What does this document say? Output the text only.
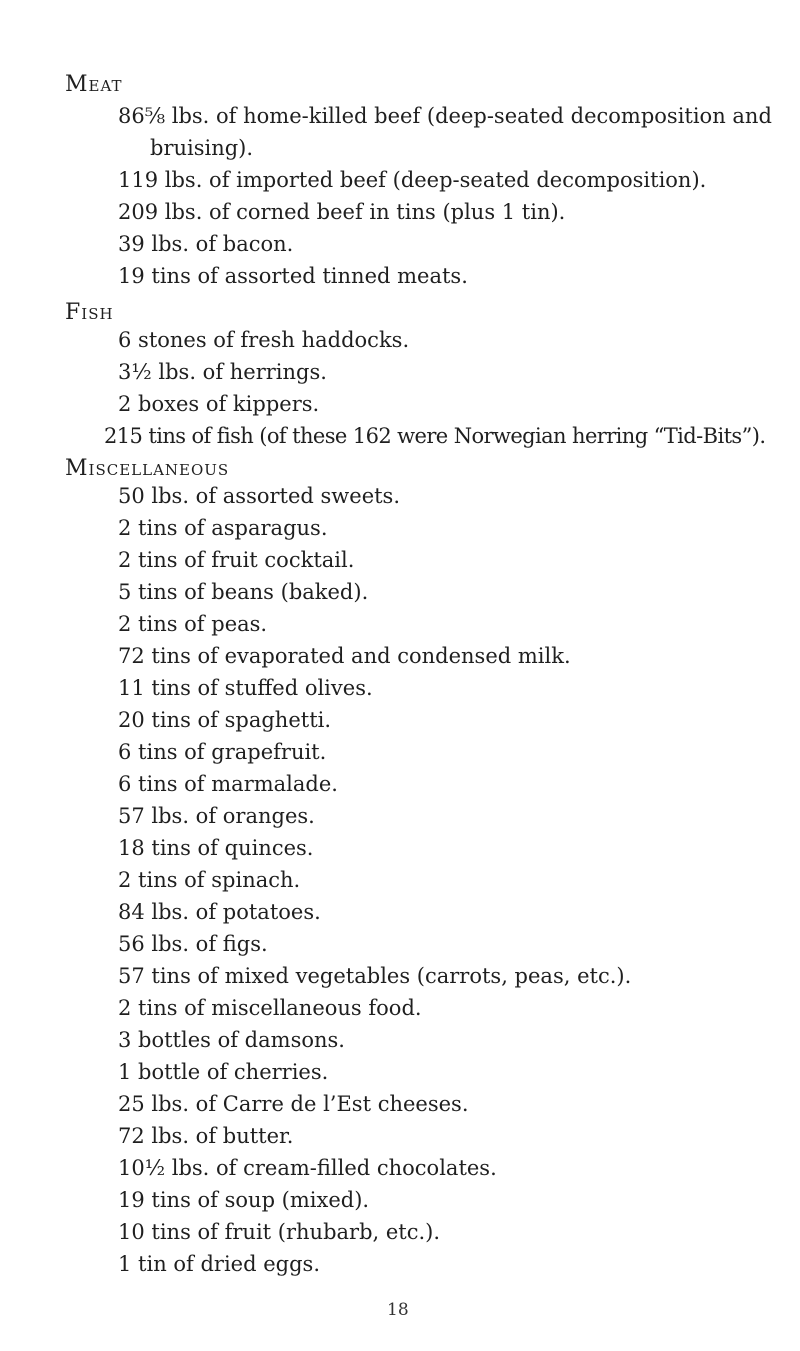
Meat
86⅝ lbs. of home-killed beef (deep-seated decomposition and
bruising).
119 lbs. of imported beef (deep-seated decomposition).
209 lbs. of corned beef in tins (plus 1 tin).
39 lbs. of bacon.
19 tins of assorted tinned meats.
Fish
6 stones of fresh haddocks.
3½ lbs. of herrings.
2 boxes of kippers.
215 tins of fish (of these 162 were Norwegian herring “Tid-Bits”).
Miscellaneous
50 lbs. of assorted sweets.
2 tins of asparagus.
2 tins of fruit cocktail.
5 tins of beans (baked).
2 tins of peas.
72 tins of evaporated and condensed milk.
11 tins of stuffed olives.
20 tins of spaghetti.
6 tins of grapefruit.
6 tins of marmalade.
57 lbs. of oranges.
18 tins of quinces.
2 tins of spinach.
84 lbs. of potatoes.
56 lbs. of figs.
57 tins of mixed vegetables (carrots, peas, etc.).
2 tins of miscellaneous food.
3 bottles of damsons.
1 bottle of cherries.
25 lbs. of Carre de l’Est cheeses.
72 lbs. of butter.
10½ lbs. of cream-filled chocolates.
19 tins of soup (mixed).
10 tins of fruit (rhubarb, etc.).
1 tin of dried eggs.
18
